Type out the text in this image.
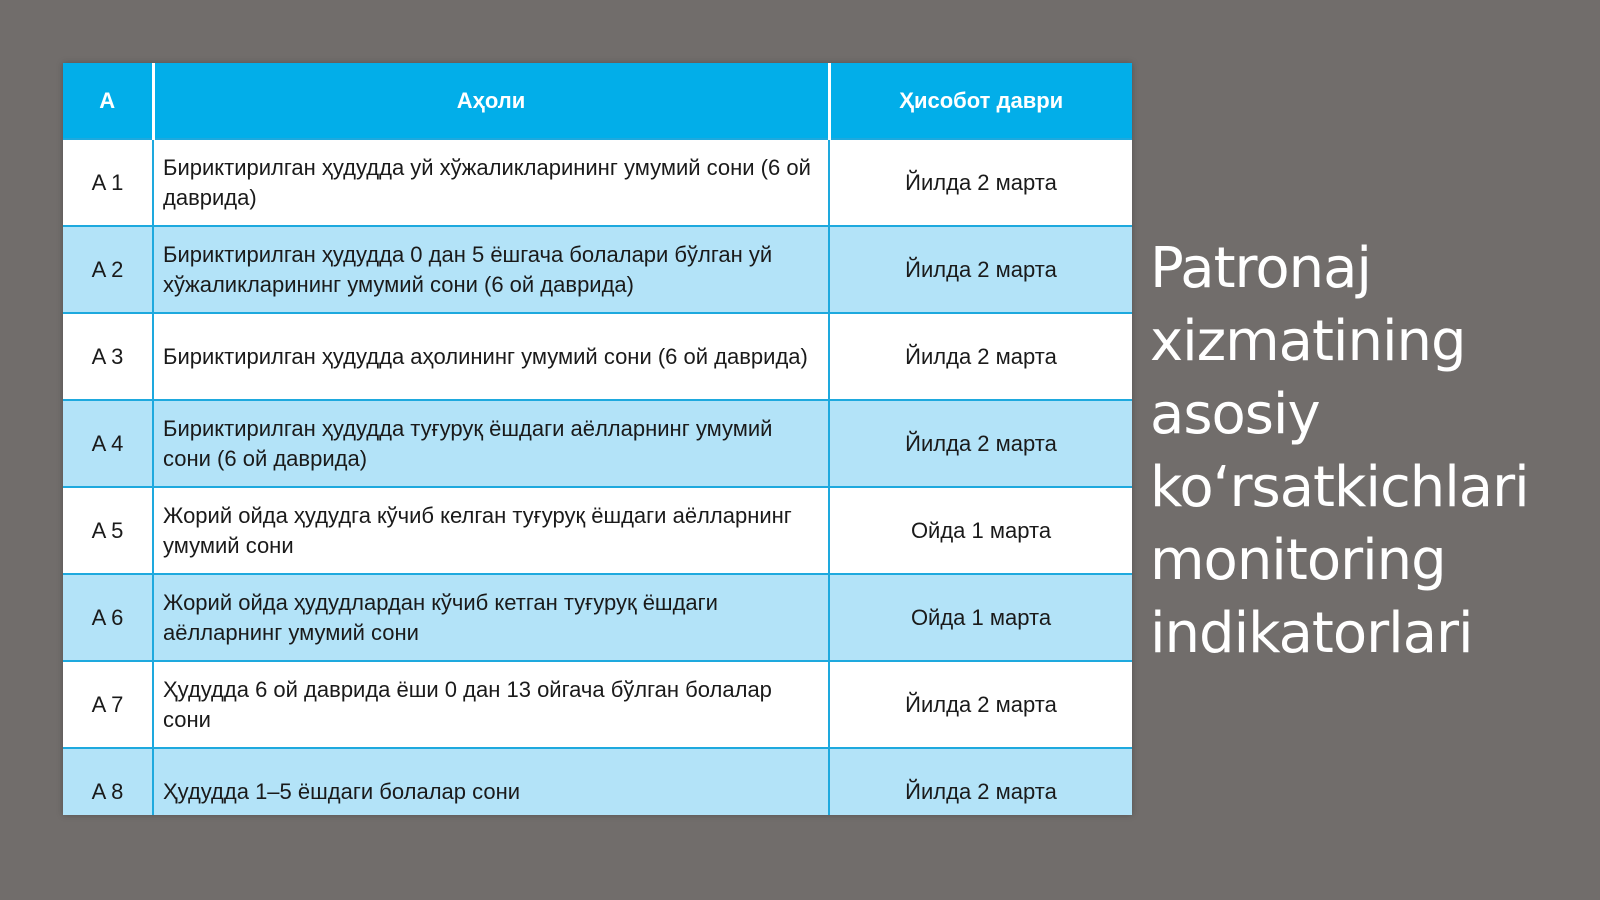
A	Аҳоли	Ҳисобот даври
A 1	Бириктирилган ҳудудда уй хўжаликларининг умумий сони (6 ой даврида)	Йилда 2 марта
A 2	Бириктирилган ҳудудда 0 дан 5 ёшгача болалари бўлган уй хўжаликларининг умумий сони (6 ой даврида)	Йилда 2 марта
A 3	Бириктирилган ҳудудда аҳолининг умумий сони (6 ой даврида)	Йилда 2 марта
A 4	Бириктирилган ҳудудда туғуруқ ёшдаги аёлларнинг умумий сони (6 ой даврида)	Йилда 2 марта
A 5	Жорий ойда ҳудудга кўчиб келган туғуруқ ёшдаги аёлларнинг умумий сони	Ойда 1 марта
A 6	Жорий ойда ҳудудлардан кўчиб кетган туғуруқ ёшдаги аёлларнинг умумий сони	Ойда 1 марта
A 7	Ҳудудда 6 ой даврида ёши 0 дан 13 ойгача бўлган болалар сони	Йилда 2 марта
A 8	Ҳудудда 1–5 ёшдаги болалар сони	Йилда 2 марта
Patronaj
xizmatining
asosiy
ko‘rsatkichlari
monitoring
indikatorlari
